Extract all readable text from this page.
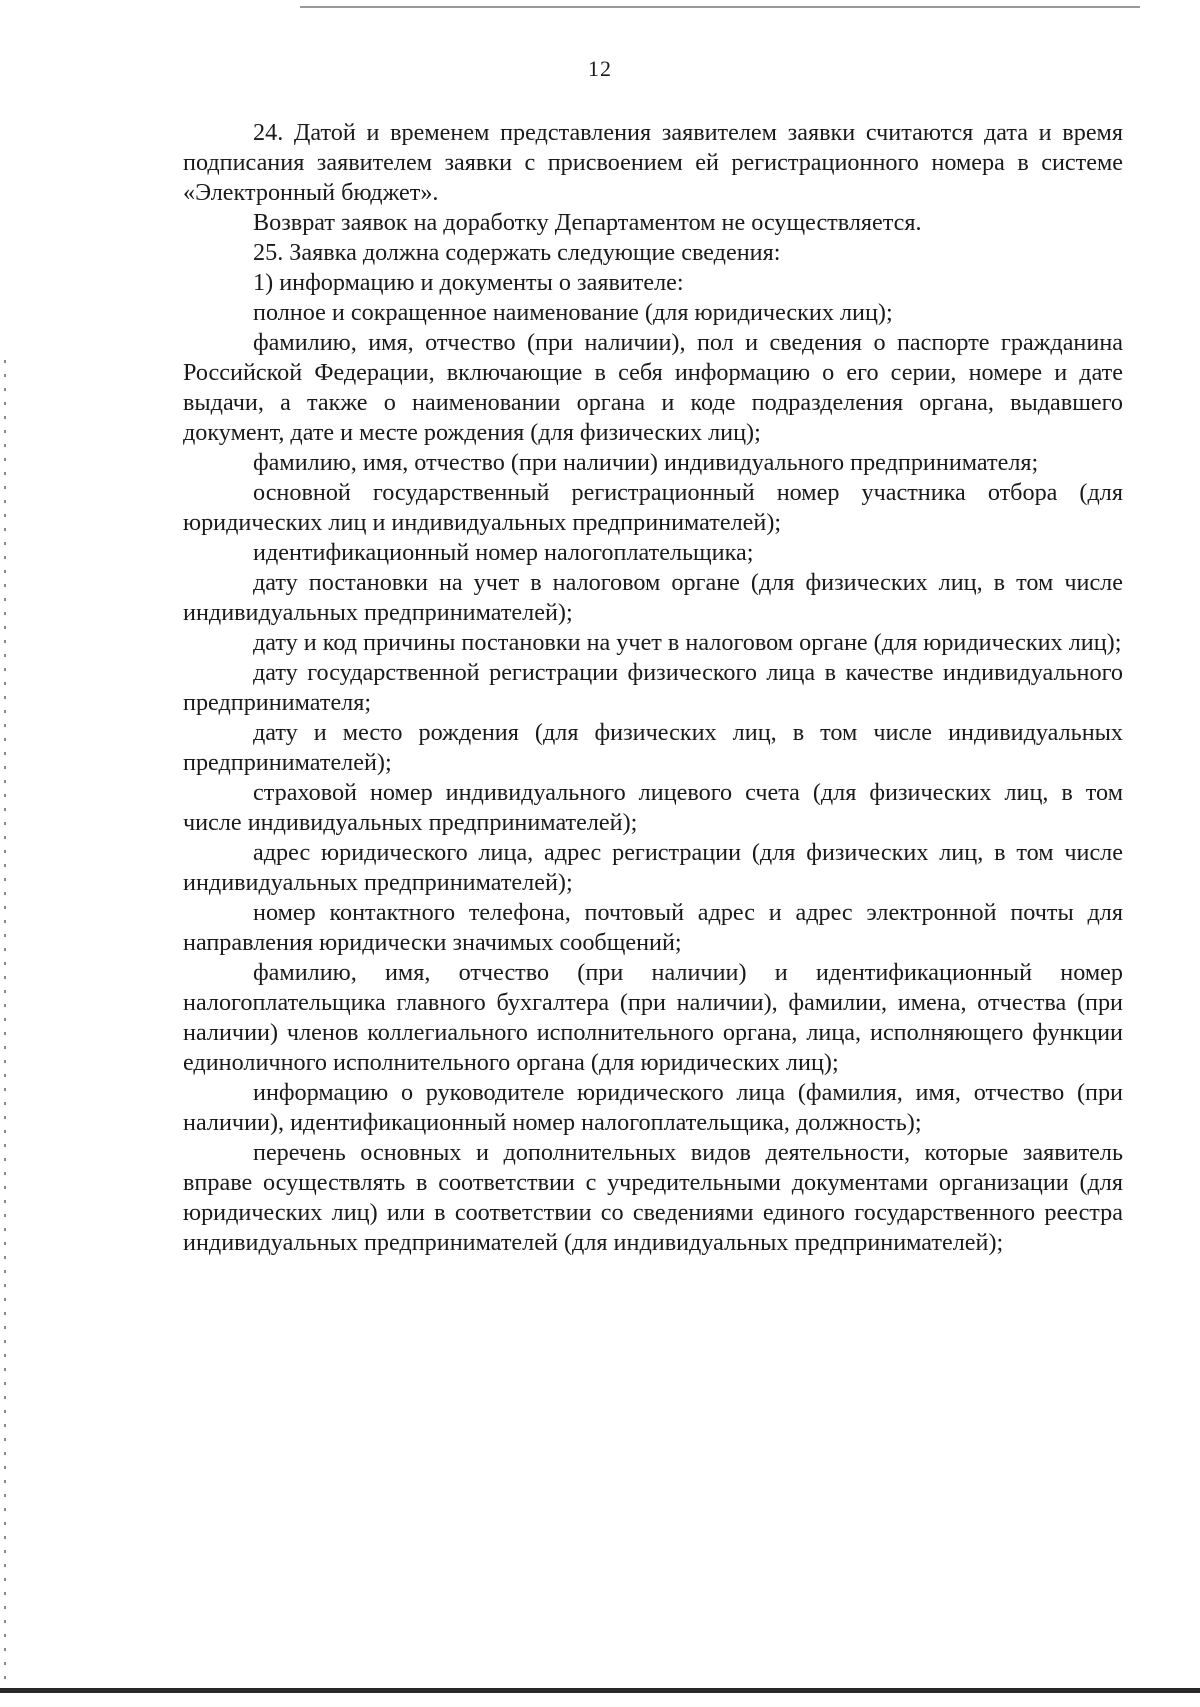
12

24. Датой и временем представления заявителем заявки считаются дата и время подписания заявителем заявки с присвоением ей регистрационного номера в системе «Электронный бюджет».

Возврат заявок на доработку Департаментом не осуществляется.

25. Заявка должна содержать следующие сведения:

1) информацию и документы о заявителе:

полное и сокращенное наименование (для юридических лиц);

фамилию, имя, отчество (при наличии), пол и сведения о паспорте гражданина Российской Федерации, включающие в себя информацию о его серии, номере и дате выдачи, а также о наименовании органа и коде подразделения органа, выдавшего документ, дате и месте рождения (для физических лиц);

фамилию, имя, отчество (при наличии) индивидуального предпринимателя;

основной государственный регистрационный номер участника отбора (для юридических лиц и индивидуальных предпринимателей);

идентификационный номер налогоплательщика;

дату постановки на учет в налоговом органе (для физических лиц, в том числе индивидуальных предпринимателей);

дату и код причины постановки на учет в налоговом органе (для юридических лиц);

дату государственной регистрации физического лица в качестве индивидуального предпринимателя;

дату и место рождения (для физических лиц, в том числе индивидуальных предпринимателей);

страховой номер индивидуального лицевого счета (для физических лиц, в том числе индивидуальных предпринимателей);

адрес юридического лица, адрес регистрации (для физических лиц, в том числе индивидуальных предпринимателей);

номер контактного телефона, почтовый адрес и адрес электронной почты для направления юридически значимых сообщений;

фамилию, имя, отчество (при наличии) и идентификационный номер налогоплательщика главного бухгалтера (при наличии), фамилии, имена, отчества (при наличии) членов коллегиального исполнительного органа, лица, исполняющего функции единоличного исполнительного органа (для юридических лиц);

информацию о руководителе юридического лица (фамилия, имя, отчество (при наличии), идентификационный номер налогоплательщика, должность);

перечень основных и дополнительных видов деятельности, которые заявитель вправе осуществлять в соответствии с учредительными документами организации (для юридических лиц) или в соответствии со сведениями единого государственного реестра индивидуальных предпринимателей (для индивидуальных предпринимателей);
